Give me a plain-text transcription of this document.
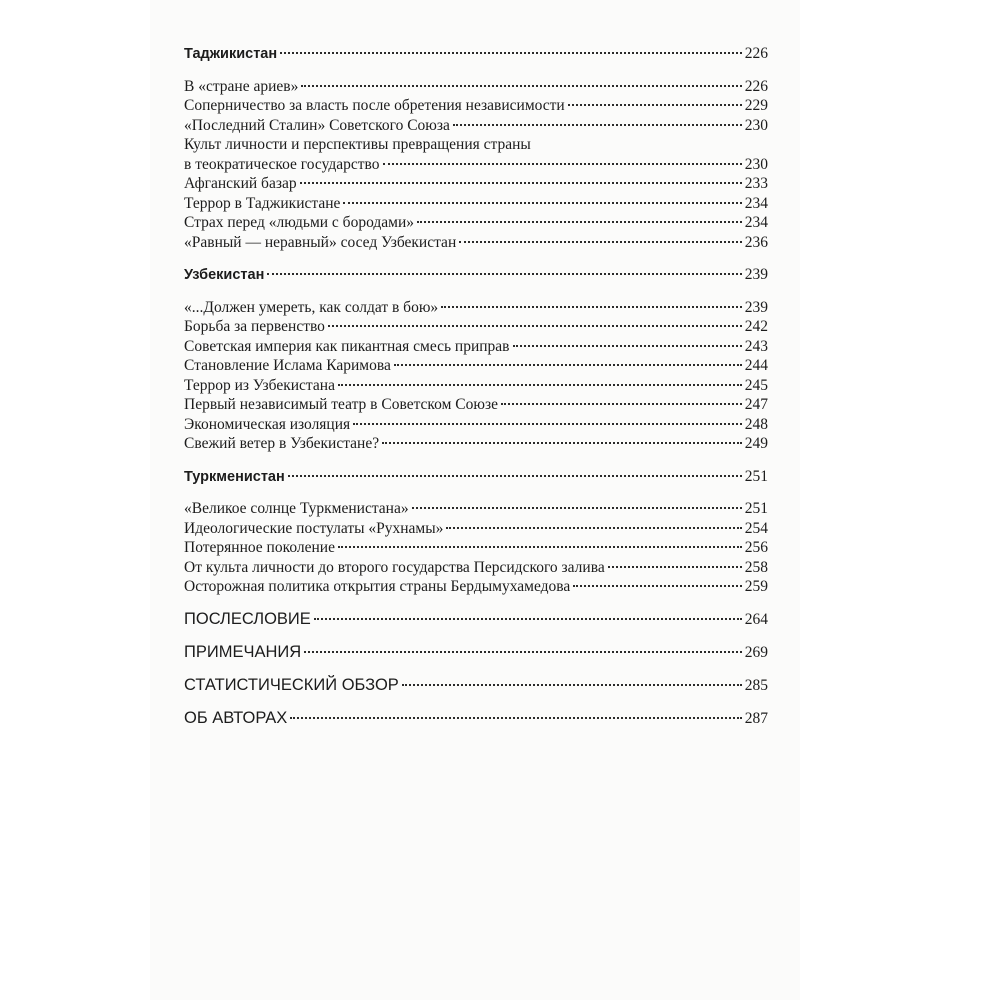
Таджикистан	226
В «стране ариев»	226
Соперничество за власть после обретения независимости	229
«Последний Сталин» Советского Союза	230
Культ личности и перспективы превращения страны
в теократическое государство	230
Афганский базар	233
Террор в Таджикистане	234
Страх перед «людьми с бородами»	234
«Равный — неравный» сосед Узбекистан	236
Узбекистан	239
«...Должен умереть, как солдат в бою»	239
Борьба за первенство	242
Советская империя как пикантная смесь приправ	243
Становление Ислама Каримова	244
Террор из Узбекистана	245
Первый независимый театр в Советском Союзе	247
Экономическая изоляция	248
Свежий ветер в Узбекистане?	249
Туркменистан	251
«Великое солнце Туркменистана»	251
Идеологические постулаты «Рухнамы»	254
Потерянное поколение	256
От культа личности до второго государства Персидского залива	258
Осторожная политика открытия страны Бердымухамедова	259
ПОСЛЕСЛОВИЕ	264
ПРИМЕЧАНИЯ	269
СТАТИСТИЧЕСКИЙ ОБЗОР	285
ОБ АВТОРАХ	287
